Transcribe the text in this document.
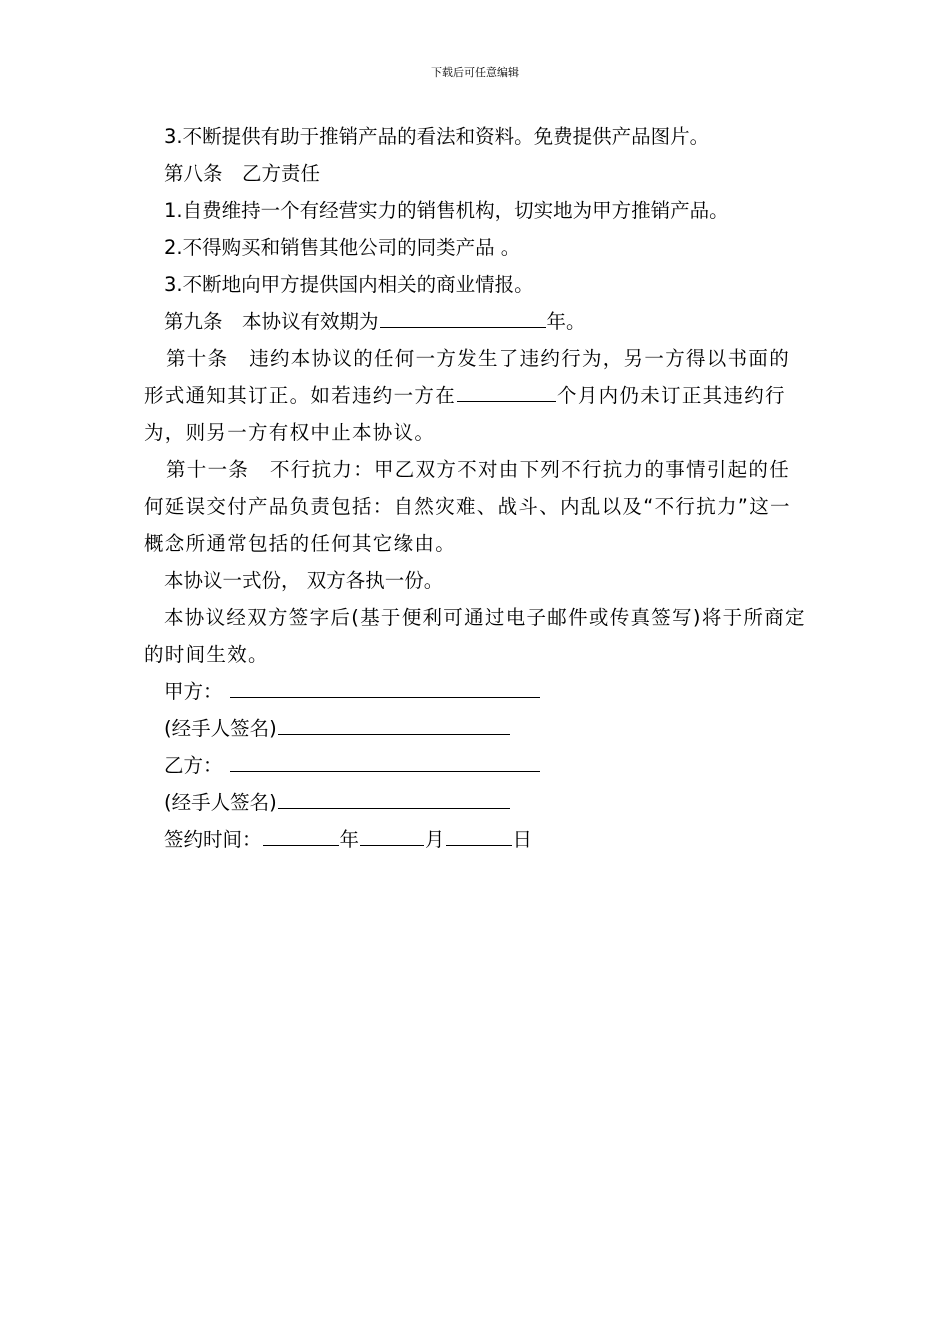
下载后可任意编辑

3.不断提供有助于推销产品的看法和资料。免费提供产品图片。

第八条　乙方责任

1.自费维持一个有经营实力的销售机构，切实地为甲方推销产品。

2.不得购买和销售其他公司的同类产品 。

3.不断地向甲方提供国内相关的商业情报。

第九条　本协议有效期为	年。

第十条　违约本协议的任何一方发生了违约行为，另一方得以书面的形式通知其订正。如若违约一方在	个月内仍未订正其违约行为，则另一方有权中止本协议。

第十一条　不行抗力：甲乙双方不对由下列不行抗力的事情引起的任何延误交付产品负责包括：自然灾难、战斗、内乱以及“不行抗力”这一概念所通常包括的任何其它缘由。

本协议一式份， 双方各执一份。

本协议经双方签字后(基于便利可通过电子邮件或传真签写)将于所商定的时间生效。

甲方：

(经手人签名)

乙方：

(经手人签名)

签约时间：	年	月	日
